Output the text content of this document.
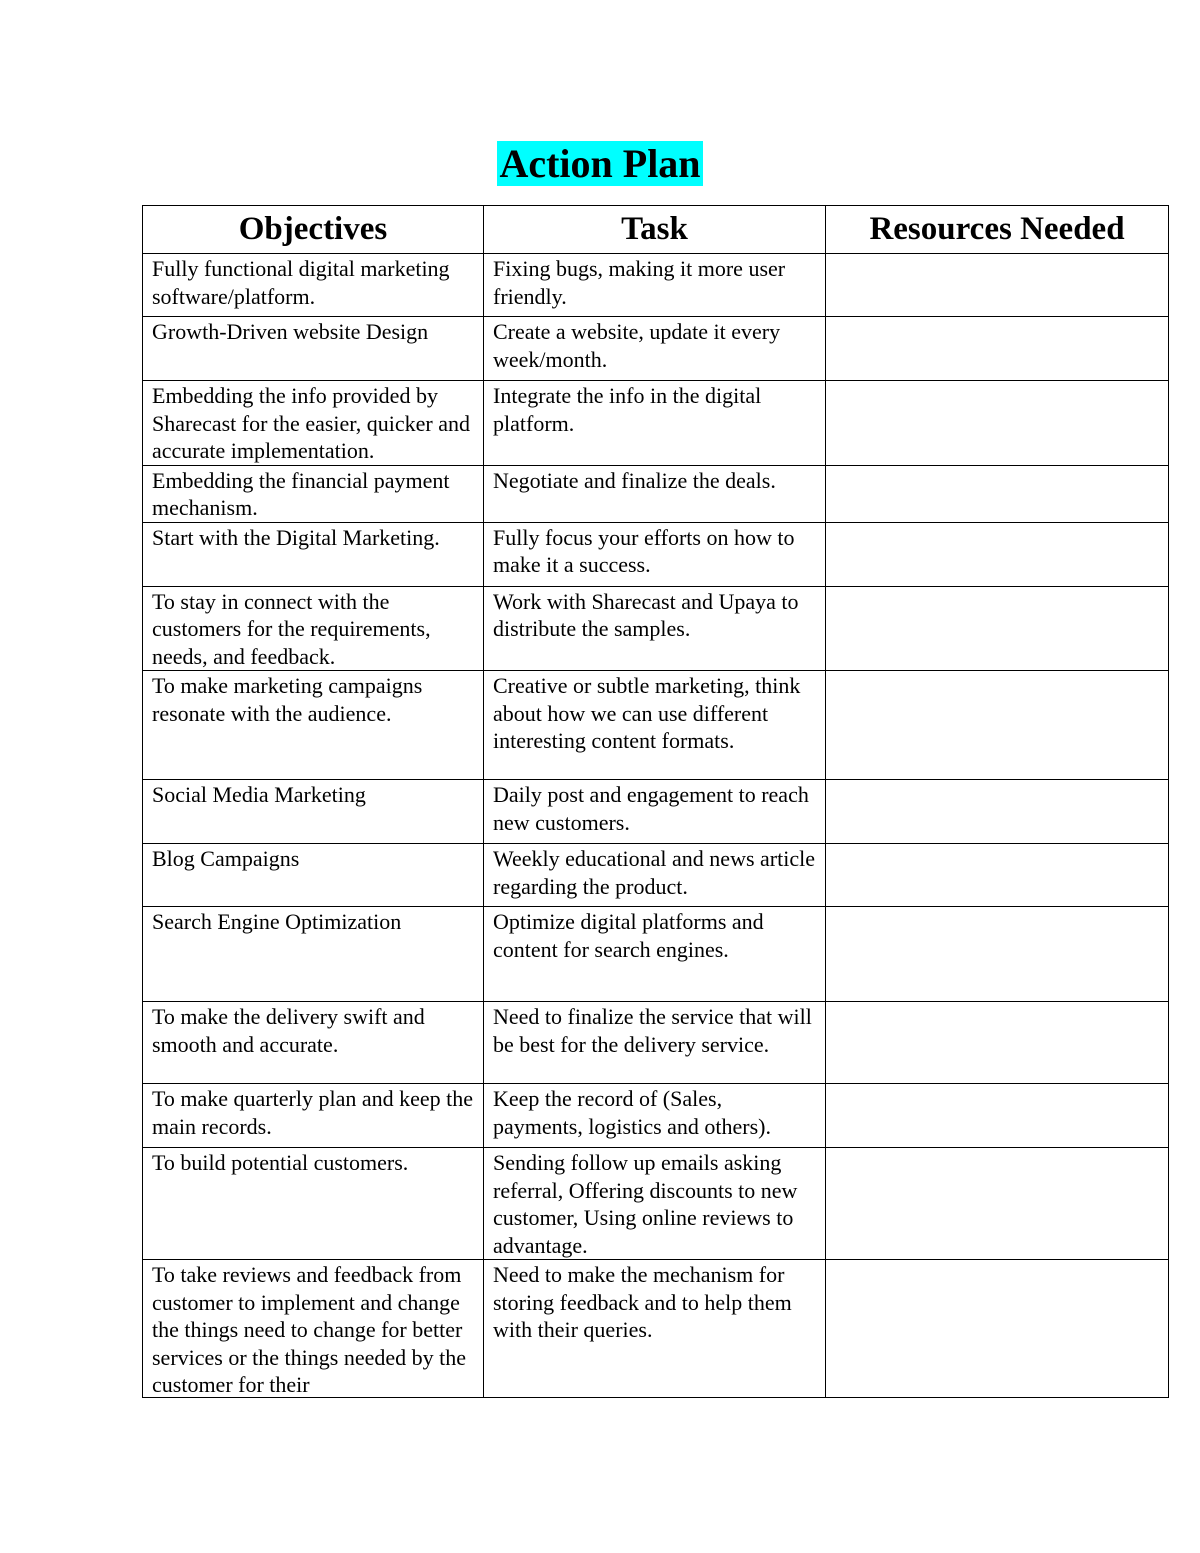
Action Plan
Objectives	Task	Resources Needed

Fully functional digital marketing software/platform.	Fixing bugs, making it more user friendly.	

Growth-Driven website Design	Create a website, update it every week/month.	

Embedding the info provided by Sharecast for the easier, quicker and accurate implementation.	Integrate the info in the digital platform.	

Embedding the financial payment mechanism.	Negotiate and finalize the deals.	

Start with the Digital Marketing.	Fully focus your efforts on how to make it a success.	

To stay in connect with the customers for the requirements, needs, and feedback.	Work with Sharecast and Upaya to distribute the samples.	

To make marketing campaigns resonate with the audience.	Creative or subtle marketing, think about how we can use different interesting content formats.	

Social Media Marketing	Daily post and engagement to reach new customers.	

Blog Campaigns	Weekly educational and news article regarding the product.	

Search Engine Optimization	Optimize digital platforms and content for search engines.	

To make the delivery swift and smooth and accurate.	Need to finalize the service that will be best for the delivery service.	

To make quarterly plan and keep the main records.	Keep the record of (Sales, payments, logistics and others).	

To build potential customers.	Sending follow up emails asking referral, Offering discounts to new customer, Using online reviews to advantage.	

To take reviews and feedback from customer to implement and change the things need to change for better services or the things needed by the customer for their	Need to make the mechanism for storing feedback and to help them with their queries.	
